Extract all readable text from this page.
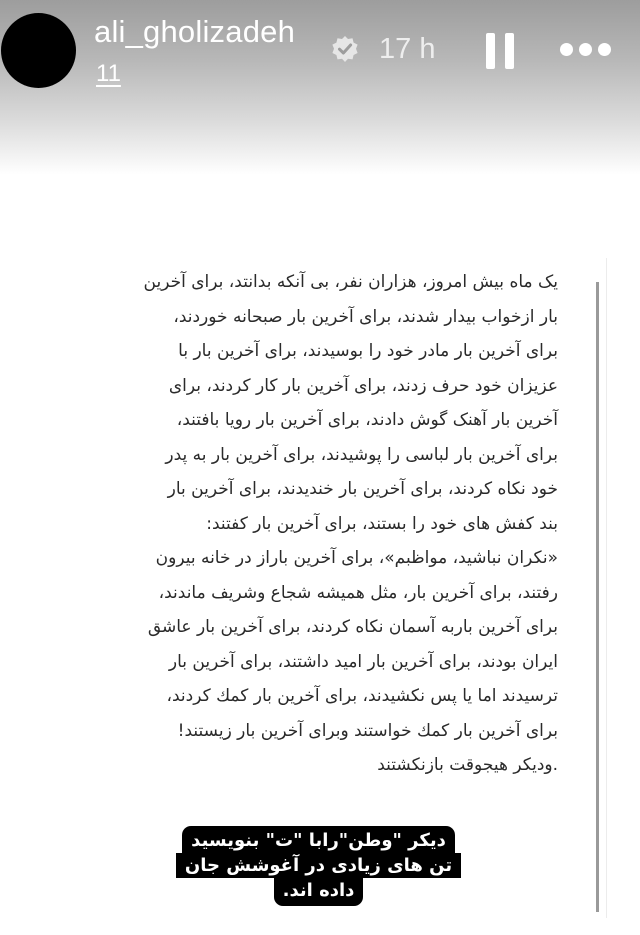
ali_gholizadeh
11
17 h
یک ماه بیش امروز، هزاران نفر، بی آنکه بدانتد، برای آخرین
بار ازخواب بیدار شدند، برای آخرین بار صبحانه خوردند،
برای آخرین بار مادر خود را بوسیدند، برای آخرین بار با
عزیزان خود حرف زدند، برای آخرین بار کار کردند، برای
آخرین بار آهنک گوش دادند، برای آخرین بار رویا بافتند،
برای آخرین بار لباسی را پوشیدند، برای آخرین بار به پدر
خود نکاه کردند، برای آخرین بار خندیدند، برای آخرین بار
بند کفش های خود را بستند، برای آخرین بار کفتند:
«نکران نباشید، مواظبم»، برای آخرین باراز در خانه بیرون
رفتند، برای آخرین بار، مثل همیشه شجاع وشریف ماندند،
برای آخرین باربه آسمان نکاه کردند، برای آخرین بار عاشق
ایران بودند، برای آخرین بار امید داشتند، برای آخرین بار
ترسیدند اما یا پس نکشیدند، برای آخرین بار کمك کردند،
برای آخرین بار کمك خواستند وبرای آخرین بار زیستند!
.ودیکر هیجوقت بازنکشتند
دیکر "وطن"رابا "ت" بنویسید
تن های زیادی در آغوشش جان
داده اند.
